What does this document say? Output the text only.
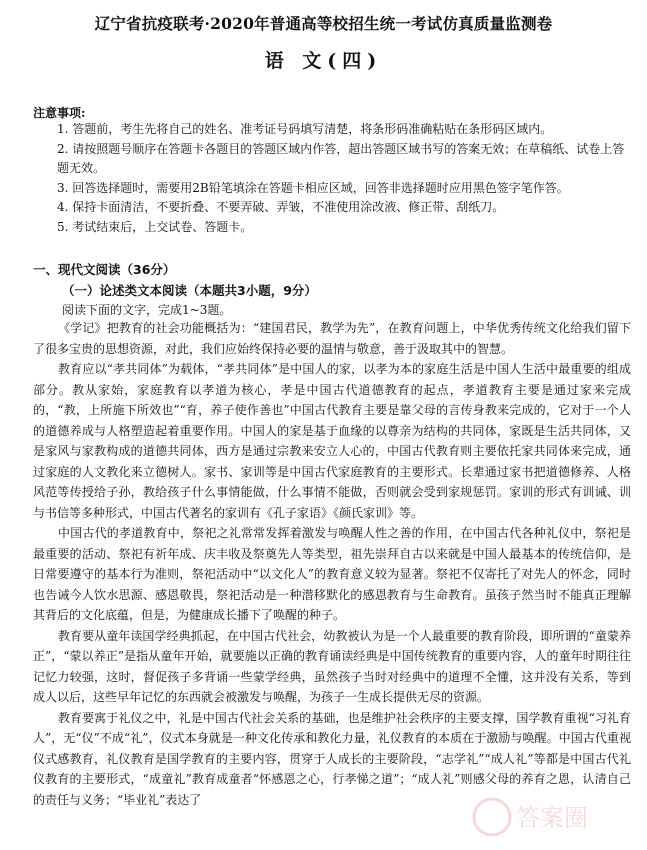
辽宁省抗疫联考·2020年普通高等校招生统一考试仿真质量监测卷
语 文(四)
注意事项:
1. 答题前，考生先将自己的姓名、准考证号码填写清楚，将条形码准确粘贴在条形码区域内。
2. 请按照题号顺序在答题卡各题目的答题区域内作答，超出答题区域书写的答案无效；在草稿纸、试卷上答题无效。
3. 回答选择题时，需要用2B铅笔填涂在答题卡相应区域，回答非选择题时应用黑色签字笔作答。
4. 保持卡面清洁，不要折叠、不要弄破、弄皱，不准使用涂改液、修正带、刮纸刀。
5. 考试结束后，上交试卷、答题卡。
一、现代文阅读（36分）
（一）论述类文本阅读（本题共3小题，9分）
阅读下面的文字，完成1~3题。

《学记》把教育的社会功能概括为：“建国君民，教学为先”，在教育问题上，中华优秀传统文化给我们留下了很多宝贵的思想资源，对此，我们应始终保持必要的温情与敬意，善于汲取其中的智慧。

教育应以“孝共同体”为载体，“孝共同体”是中国人的家，以孝为本的家庭生活是中国人生活中最重要的组成部分。教从家始，家庭教育以孝道为核心，孝是中国古代道德教育的起点，孝道教育主要是通过家来完成的，“教，上所施下所效也”“育，养子使作善也”中国古代教育主要是靠父母的言传身教来完成的，它对于一个人的道德养成与人格塑造起着重要作用。中国人的家是基于血缘的以尊亲为结构的共同体，家既是生活共同体，又是家风与家教构成的道德共同体，西方是通过宗教来安立人心的，中国古代教育则主要依托家共同体来完成，通过家庭的人文教化来立德树人。家书、家训等是中国古代家庭教育的主要形式。长辈通过家书把道德修养、人格风范等传授给子孙，教给孩子什么事情能做，什么事情不能做，否则就会受到家规惩罚。家训的形式有训诫、训与书信等多种形式，中国古代著名的家训有《孔子家语》《颜氏家训》等。

中国古代的孝道教育中，祭祀之礼常常发挥着激发与唤醒人性之善的作用，在中国古代各种礼仪中，祭祀是最重要的活动、祭祀有祈年成、庆丰收及祭奠先人等类型，祖先崇拜自古以来就是中国人最基本的传统信仰，是日常要遵守的基本行为准则，祭祀活动中“以文化人”的教育意义较为显著。祭祀不仅寄托了对先人的怀念，同时也告诫今人饮水思源、感恩敬畏，祭祀活动是一种潜移默化的感恩教育与生命教育。虽孩子然当时不能真正理解其背后的文化底蕴，但是，为健康成长播下了唤醒的种子。

教育要从童年读国学经典抓起，在中国古代社会，幼教被认为是一个人最重要的教育阶段，即所谓的“童蒙养正”，“蒙以养正”是指从童年开始，就要施以正确的教育诵读经典是中国传统教育的重要内容，人的童年时期往往记忆力较强，这时，督促孩子多背诵一些蒙学经典，虽然孩子当时对经典中的道理不全懂，这并没有关系，等到成人以后，这些早年记忆的东西就会被激发与唤醒，为孩子一生成长提供无尽的资源。

教育要寓于礼仪之中，礼是中国古代社会关系的基础，也是维护社会秩序的主要支撑，国学教育重视“习礼育人”，无“仪”不成“礼”，仪式本身就是一种文化传承和教化力量，礼仪教育的本质在于激励与唤醒。中国古代重视仪式感教育，礼仪教育是国学教育的主要内容，贯穿于人成长的主要阶段，“志学礼”“成人礼”等都是中国古代礼仪教育的主要形式，“成童礼”教育成童者“怀感恩之心，行孝悌之道”；“成人礼”则感父母的养育之恩，认清自己的责任与义务；“毕业礼”表达了

答案圈
